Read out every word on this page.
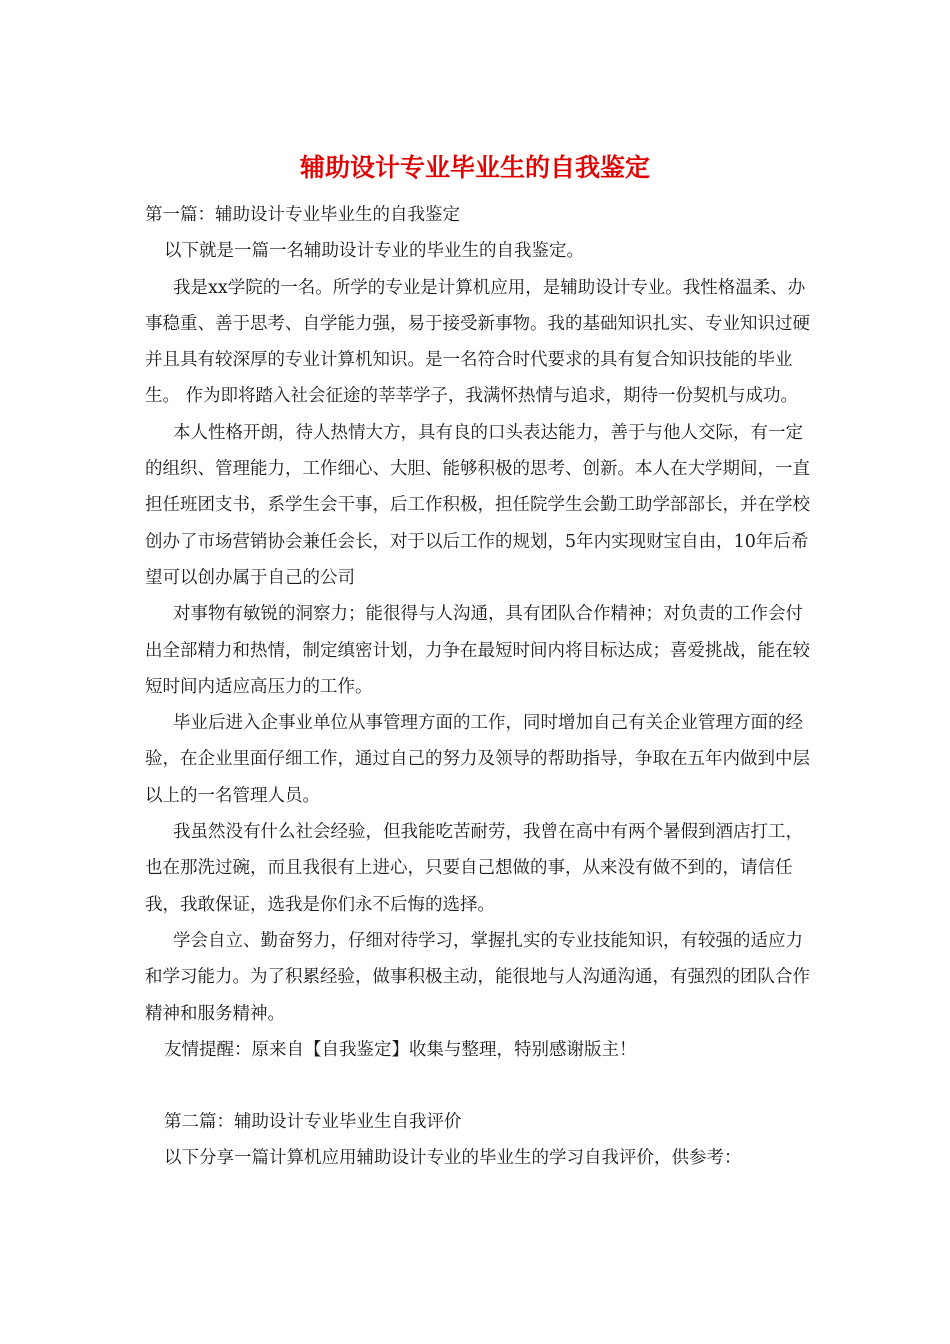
辅助设计专业毕业生的自我鉴定

第一篇：辅助设计专业毕业生的自我鉴定

以下就是一篇一名辅助设计专业的毕业生的自我鉴定。

我是xx学院的一名。所学的专业是计算机应用，是辅助设计专业。我性格温柔、办事稳重、善于思考、自学能力强，易于接受新事物。我的基础知识扎实、专业知识过硬并且具有较深厚的专业计算机知识。是一名符合时代要求的具有复合知识技能的毕业生。 作为即将踏入社会征途的莘莘学子，我满怀热情与追求，期待一份契机与成功。

本人性格开朗，待人热情大方，具有良的口头表达能力，善于与他人交际，有一定的组织、管理能力，工作细心、大胆、能够积极的思考、创新。本人在大学期间，一直担任班团支书，系学生会干事，后工作积极，担任院学生会勤工助学部部长，并在学校创办了市场营销协会兼任会长，对于以后工作的规划，5年内实现财宝自由，10年后希望可以创办属于自己的公司

对事物有敏锐的洞察力；能很得与人沟通，具有团队合作精神；对负责的工作会付出全部精力和热情，制定缜密计划，力争在最短时间内将目标达成；喜爱挑战，能在较短时间内适应高压力的工作。

毕业后进入企事业单位从事管理方面的工作，同时增加自己有关企业管理方面的经验，在企业里面仔细工作，通过自己的努力及领导的帮助指导，争取在五年内做到中层以上的一名管理人员。

我虽然没有什么社会经验，但我能吃苦耐劳，我曾在高中有两个暑假到酒店打工，也在那洗过碗，而且我很有上进心，只要自己想做的事，从来没有做不到的，请信任我，我敢保证，选我是你们永不后悔的选择。

学会自立、勤奋努力，仔细对待学习，掌握扎实的专业技能知识，有较强的适应力和学习能力。为了积累经验，做事积极主动，能很地与人沟通沟通，有强烈的团队合作精神和服务精神。

友情提醒：原来自【自我鉴定】收集与整理，特别感谢版主！

第二篇：辅助设计专业毕业生自我评价

以下分享一篇计算机应用辅助设计专业的毕业生的学习自我评价，供参考：
